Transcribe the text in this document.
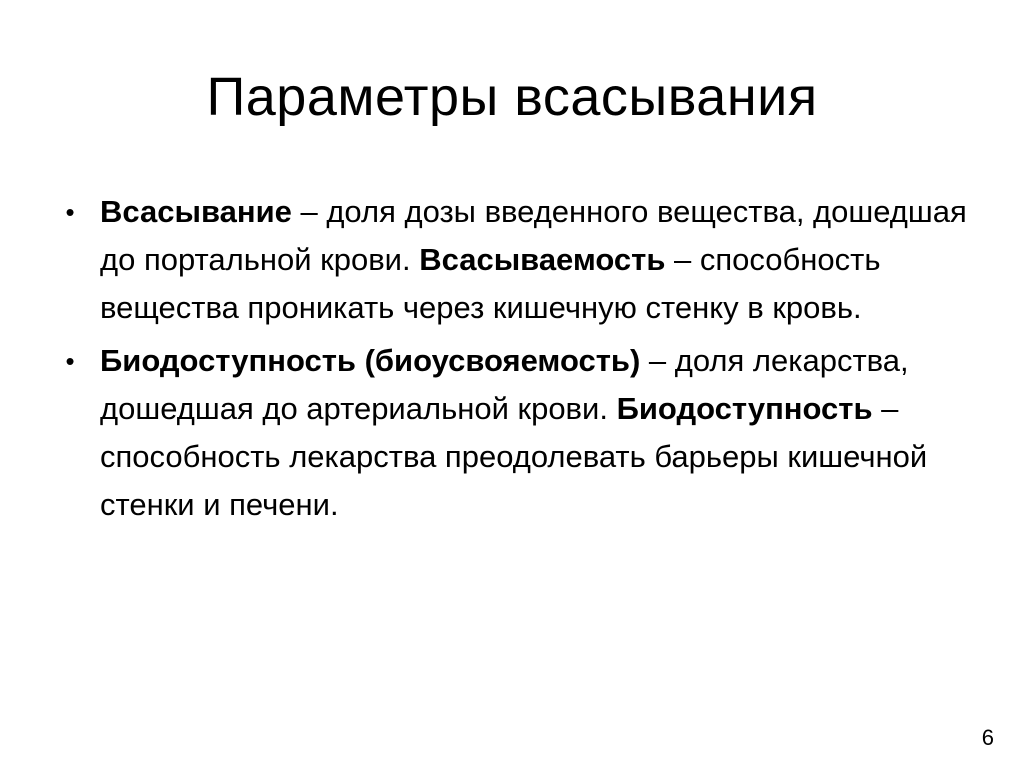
Параметры всасывания
• Всасывание – доля дозы введенного вещества, дошедшая до портальной крови. Всасываемость – способность вещества проникать через кишечную стенку в кровь.
• Биодоступность (биоусвояемость) – доля лекарства, дошедшая до артериальной крови. Биодоступность – способность лекарства преодолевать барьеры кишечной стенки и печени.
6
